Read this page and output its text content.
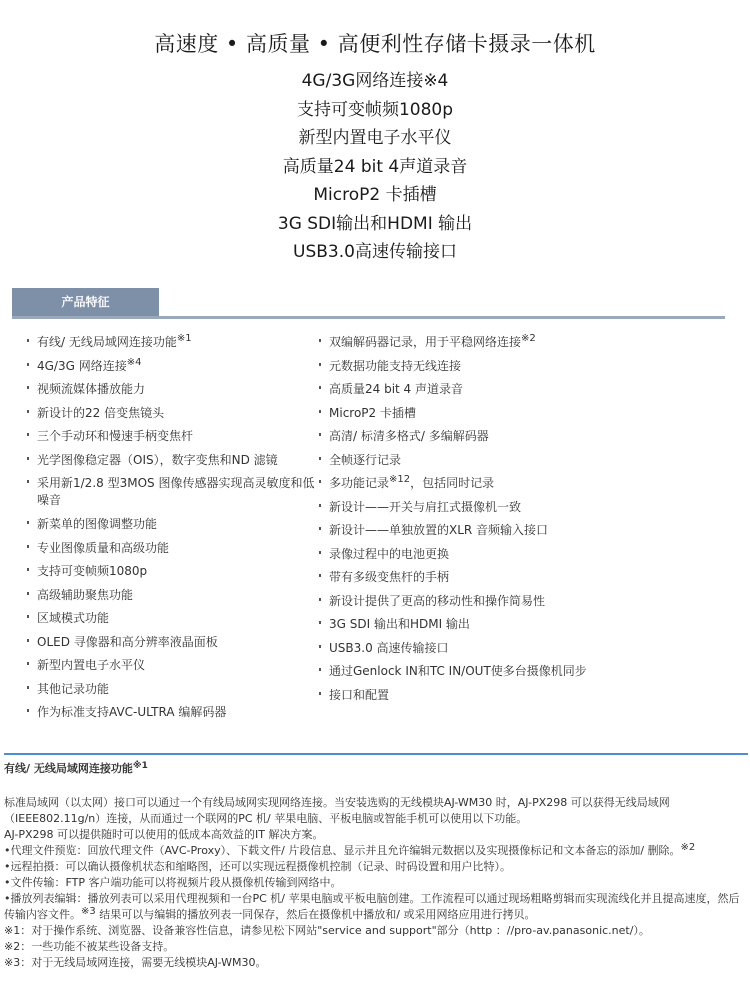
高速度 • 高质量 • 高便利性存储卡摄录一体机
4G/3G网络连接※4
支持可变帧频1080p
新型内置电子水平仪
高质量24 bit 4声道录音
MicroP2 卡插槽
3G SDI输出和HDMI 输出
USB3.0高速传输接口
产品特征
有线/ 无线局域网连接功能$^{※1}$
4G/3G 网络连接$^{※4}$
视频流媒体播放能力
新设计的22 倍变焦镜头
三个手动环和慢速手柄变焦杆
光学图像稳定器（OIS），数字变焦和ND 滤镜
采用新1/2.8 型3MOS 图像传感器实现高灵敏度和低噪音
新菜单的图像调整功能
专业图像质量和高级功能
支持可变帧频1080p
高级辅助聚焦功能
区域模式功能
OLED 寻像器和高分辨率液晶面板
新型内置电子水平仪
其他记录功能
作为标准支持AVC-ULTRA 编解码器
双编解码器记录，用于平稳网络连接$^{※2}$
元数据功能支持无线连接
高质量24 bit 4 声道录音
MicroP2 卡插槽
高清/ 标清多格式/ 多编解码器
全帧逐行记录
多功能记录$^{※12}$，包括同时记录
新设计——开关与肩扛式摄像机一致
新设计——单独放置的XLR 音频输入接口
录像过程中的电池更换
带有多级变焦杆的手柄
新设计提供了更高的移动性和操作简易性
3G SDI 输出和HDMI 输出
USB3.0 高速传输接口
通过Genlock IN和TC IN/OUT使多台摄像机同步
接口和配置
有线/ 无线局域网连接功能$^{※1}$

标准局域网（以太网）接口可以通过一个有线局域网实现网络连接。当安装选购的无线模块AJ-WM30 时，AJ-PX298 可以获得无线局域网（IEEE802.11g/n）连接，从而通过一个联网的PC 机/ 苹果电脑、平板电脑或智能手机可以使用以下功能。

AJ-PX298 可以提供随时可以使用的低成本高效益的IT 解决方案。

•代理文件预览：回放代理文件（AVC-Proxy）、下载文件/ 片段信息、显示并且允许编辑元数据以及实现摄像标记和文本备忘的添加/ 删除。$^{※2}$

•远程拍摄：可以确认摄像机状态和缩略图，还可以实现远程摄像机控制（记录、时码设置和用户比特）。

•文件传输：FTP 客户端功能可以将视频片段从摄像机传输到网络中。

•播放列表编辑：播放列表可以采用代理视频和一台PC 机/ 苹果电脑或平板电脑创建。工作流程可以通过现场粗略剪辑而实现流线化并且提高速度，然后传输内容文件。$^{※3}$ 结果可以与编辑的播放列表一同保存，然后在摄像机中播放和/ 或采用网络应用进行拷贝。

※1：对于操作系统、浏览器、设备兼容性信息，请参见松下网站"service and support"部分（http ：//pro-av.panasonic.net/）。

※2：一些功能不被某些设备支持。

※3：对于无线局域网连接，需要无线模块AJ-WM30。
